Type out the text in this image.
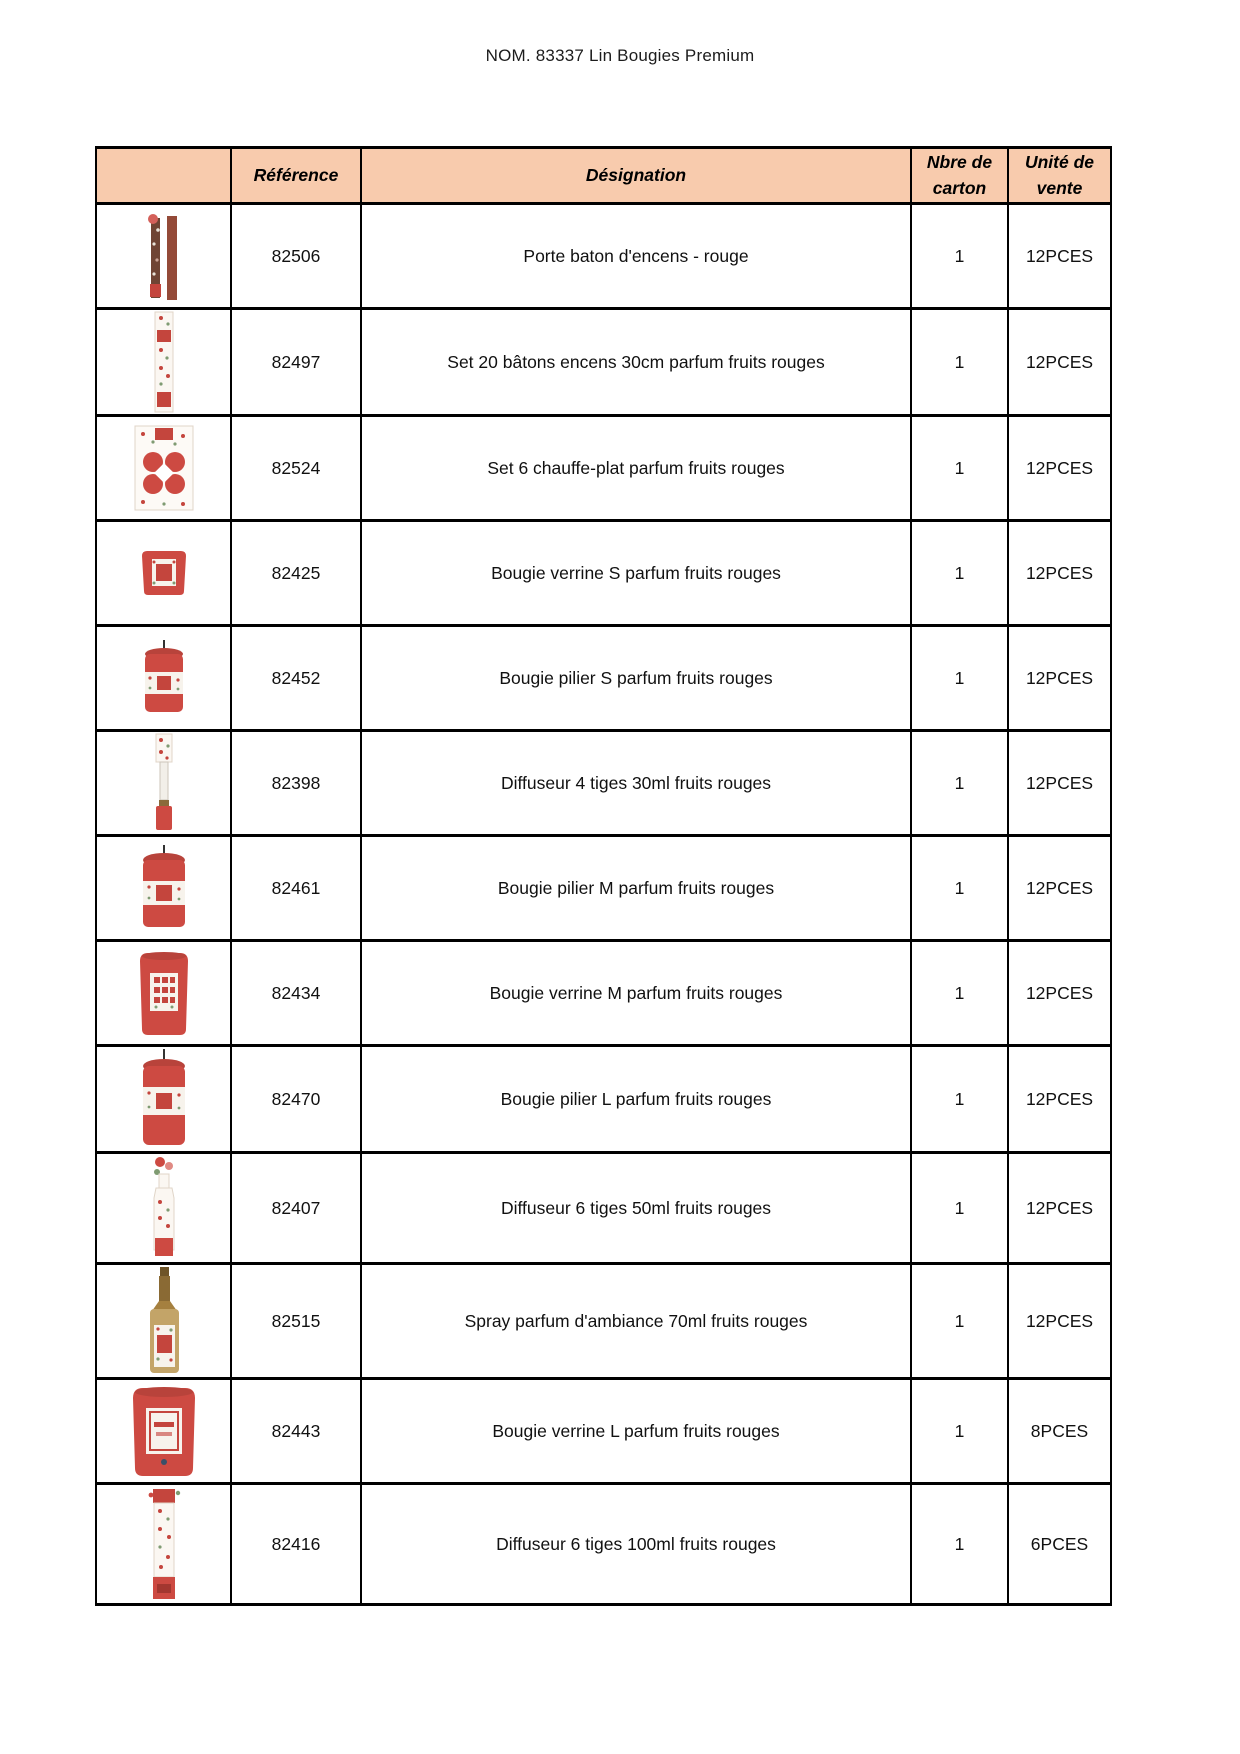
NOM. 83337 Lin Bougies Premium
	Référence	Désignation	Nbre de carton	Unité de vente
	82506	Porte baton d'encens - rouge	1	12PCES
	82497	Set 20 bâtons encens 30cm parfum fruits rouges	1	12PCES
	82524	Set 6 chauffe-plat parfum fruits rouges	1	12PCES
	82425	Bougie verrine S parfum fruits rouges	1	12PCES
	82452	Bougie pilier S parfum fruits rouges	1	12PCES
	82398	Diffuseur 4 tiges 30ml fruits rouges	1	12PCES
	82461	Bougie pilier M parfum fruits rouges	1	12PCES
	82434	Bougie verrine M parfum fruits rouges	1	12PCES
	82470	Bougie pilier L parfum fruits rouges	1	12PCES
	82407	Diffuseur 6 tiges 50ml fruits rouges	1	12PCES
	82515	Spray parfum d'ambiance 70ml fruits rouges	1	12PCES
	82443	Bougie verrine L parfum fruits rouges	1	8PCES
	82416	Diffuseur 6 tiges 100ml fruits rouges	1	6PCES
